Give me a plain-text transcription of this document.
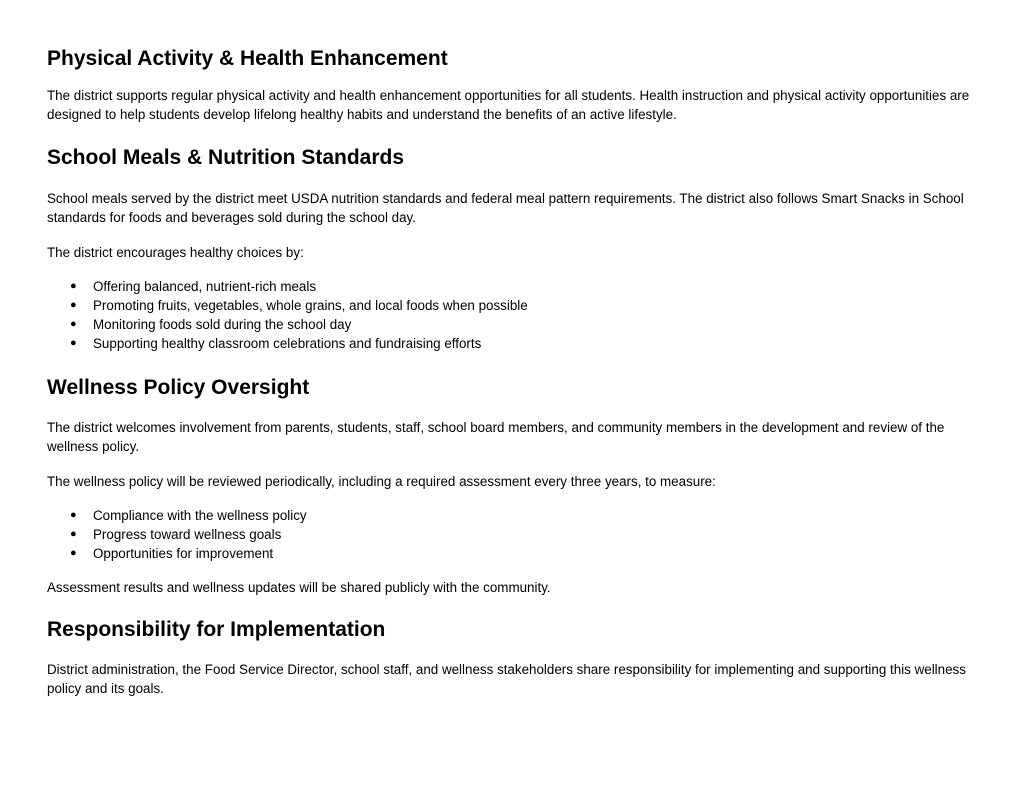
Physical Activity & Health Enhancement

The district supports regular physical activity and health enhancement opportunities for all students. Health instruction and physical activity opportunities are designed to help students develop lifelong healthy habits and understand the benefits of an active lifestyle.

School Meals & Nutrition Standards

School meals served by the district meet USDA nutrition standards and federal meal pattern requirements. The district also follows Smart Snacks in School standards for foods and beverages sold during the school day.

The district encourages healthy choices by:

● Offering balanced, nutrient-rich meals
● Promoting fruits, vegetables, whole grains, and local foods when possible
● Monitoring foods sold during the school day
● Supporting healthy classroom celebrations and fundraising efforts
Wellness Policy Oversight

The district welcomes involvement from parents, students, staff, school board members, and community members in the development and review of the wellness policy.

The wellness policy will be reviewed periodically, including a required assessment every three years, to measure:

● Compliance with the wellness policy
● Progress toward wellness goals
● Opportunities for improvement

Assessment results and wellness updates will be shared publicly with the community.

Responsibility for Implementation

District administration, the Food Service Director, school staff, and wellness stakeholders share responsibility for implementing and supporting this wellness policy and its goals.
